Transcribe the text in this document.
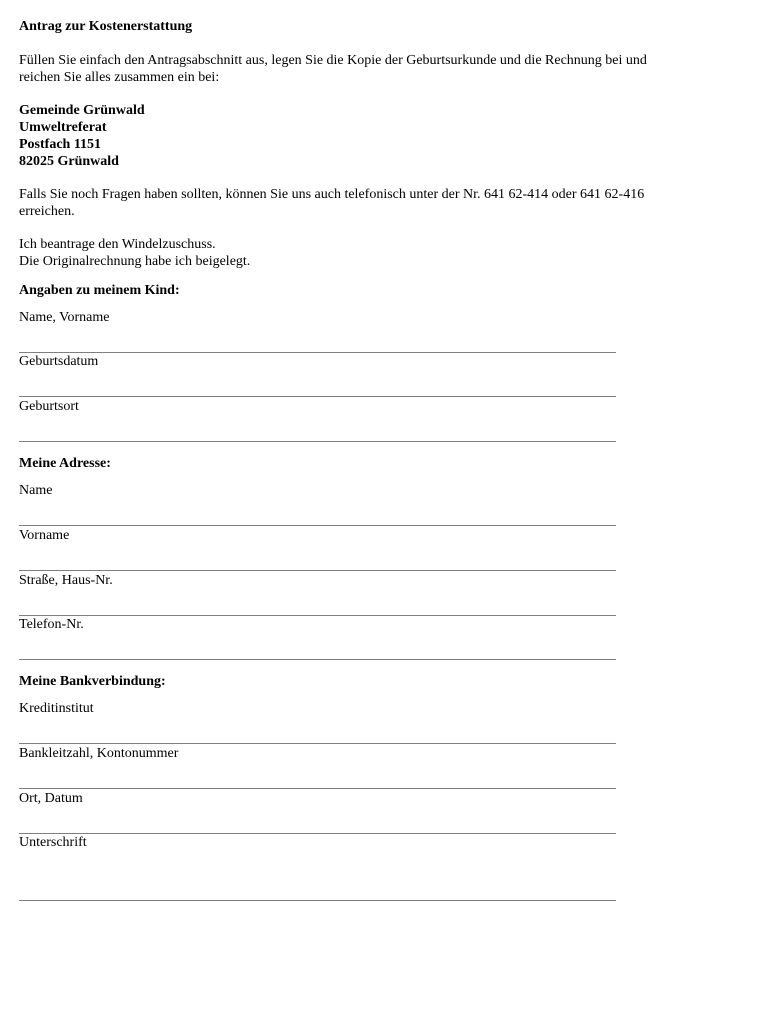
Antrag zur Kostenerstattung
Füllen Sie einfach den Antragsabschnitt aus, legen Sie die Kopie der Geburtsurkunde und die Rechnung bei und
reichen Sie alles zusammen ein bei:
Gemeinde Grünwald
Umweltreferat
Postfach 1151
82025 Grünwald
Falls Sie noch Fragen haben sollten, können Sie uns auch telefonisch unter der Nr. 641 62-414 oder 641 62-416
erreichen.
Ich beantrage den Windelzuschuss.
Die Originalrechnung habe ich beigelegt.
Angaben zu meinem Kind:
Name, Vorname
Geburtsdatum
Geburtsort
Meine Adresse:
Name
Vorname
Straße, Haus-Nr.
Telefon-Nr.
Meine Bankverbindung:
Kreditinstitut
Bankleitzahl, Kontonummer
Ort, Datum
Unterschrift
